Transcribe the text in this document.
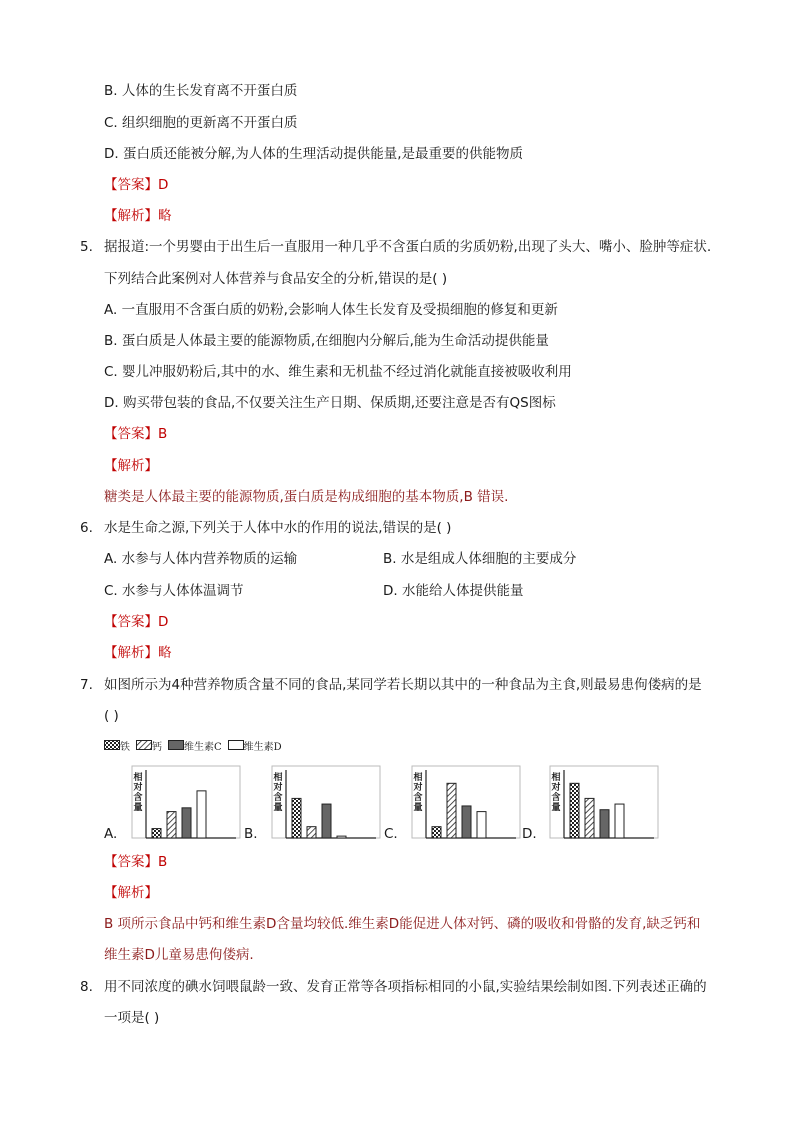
B. 人体的生长发育离不开蛋白质
C. 组织细胞的更新离不开蛋白质
D. 蛋白质还能被分解,为人体的生理活动提供能量,是最重要的供能物质
【答案】D
【解析】略
5. 据报道:一个男婴由于出生后一直服用一种几乎不含蛋白质的劣质奶粉,出现了头大、嘴小、脸肿等症状.
下列结合此案例对人体营养与食品安全的分析,错误的是( )
A. 一直服用不含蛋白质的奶粉,会影响人体生长发育及受损细胞的修复和更新
B. 蛋白质是人体最主要的能源物质,在细胞内分解后,能为生命活动提供能量
C. 婴儿冲服奶粉后,其中的水、维生素和无机盐不经过消化就能直接被吸收利用
D. 购买带包装的食品,不仅要关注生产日期、保质期,还要注意是否有QS图标
【答案】B
【解析】
糖类是人体最主要的能源物质,蛋白质是构成细胞的基本物质,B 错误.
6. 水是生命之源,下列关于人体中水的作用的说法,错误的是( )
A. 水参与人体内营养物质的运输	B. 水是组成人体细胞的主要成分
C. 水参与人体体温调节	D. 水能给人体提供能量
【答案】D
【解析】略
7. 如图所示为4种营养物质含量不同的食品,某同学若长期以其中的一种食品为主食,则最易患佝偻病的是
( )
铁 钙 维生素C 维生素D
A.
相
对
含
量
B.
相
对
含
量
C.
相
对
含
量
D.
相
对
含
量
【答案】B
【解析】
B 项所示食品中钙和维生素D含量均较低.维生素D能促进人体对钙、磷的吸收和骨骼的发育,缺乏钙和
维生素D儿童易患佝偻病.
8. 用不同浓度的碘水饲喂鼠龄一致、发育正常等各项指标相同的小鼠,实验结果绘制如图.下列表述正确的
一项是( )
